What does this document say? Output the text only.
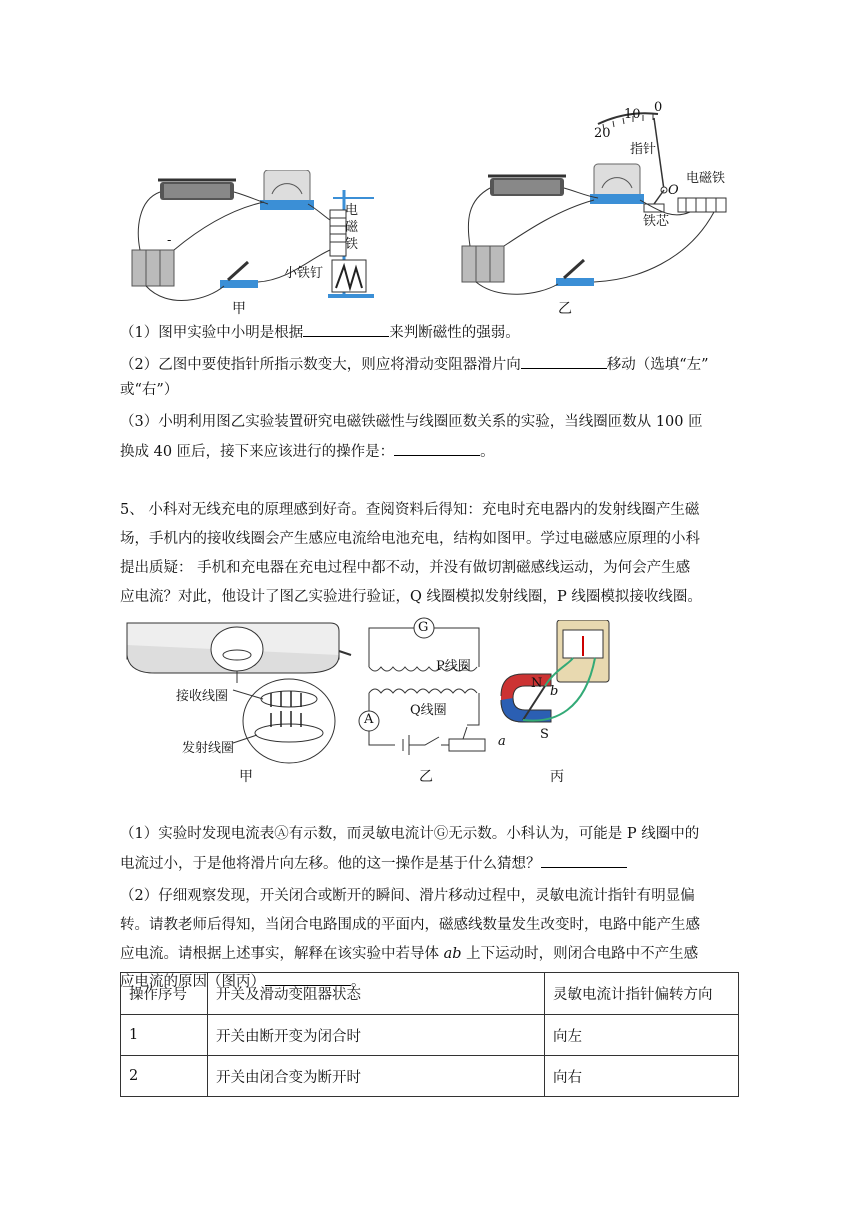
-
电
磁
铁
小铁钉
甲
20
10 0
指针
O
铁芯
电磁铁
乙
（1）图甲实验中小明是根据	来判断磁性的强弱。
（2）乙图中要使指针所指示数变大，则应将滑动变阻器滑片向	移动（选填“左”
或“右”）
（3）小明利用图乙实验装置研究电磁铁磁性与线圈匝数关系的实验，当线圈匝数从 100 匝
换成 40 匝后，接下来应该进行的操作是：	。
5、 小科对无线充电的原理感到好奇。查阅资料后得知：充电时充电器内的发射线圈产生磁
场，手机内的接收线圈会产生感应电流给电池充电，结构如图甲。学过电磁感应原理的小科
提出质疑： 手机和充电器在充电过程中都不动，并没有做切割磁感线运动，为何会产生感
应电流？对此，他设计了图乙实验进行验证，Q 线圈模拟发射线圈，P 线圈模拟接收线圈。
接收线圈
发射线圈
甲
G
P线圈
Q线圈
A
乙
N
b
S
a
丙
（1）实验时发现电流表Ⓐ有示数，而灵敏电流计Ⓖ无示数。小科认为，可能是 P 线圈中的
电流过小，于是他将滑片向左移。他的这一操作是基于什么猜想？
（2）仔细观察发现，开关闭合或断开的瞬间、滑片移动过程中，灵敏电流计指针有明显偏
转。请教老师后得知，当闭合电路围成的平面内，磁感线数量发生改变时，电路中能产生感
应电流。请根据上述事实，解释在该实验中若导体 ab 上下运动时，则闭合电路中不产生感
应电流的原因（图丙）	。
操作序号	开关及滑动变阻器状态	灵敏电流计指针偏转方向
1	开关由断开变为闭合时	向左
2	开关由闭合变为断开时	向右
